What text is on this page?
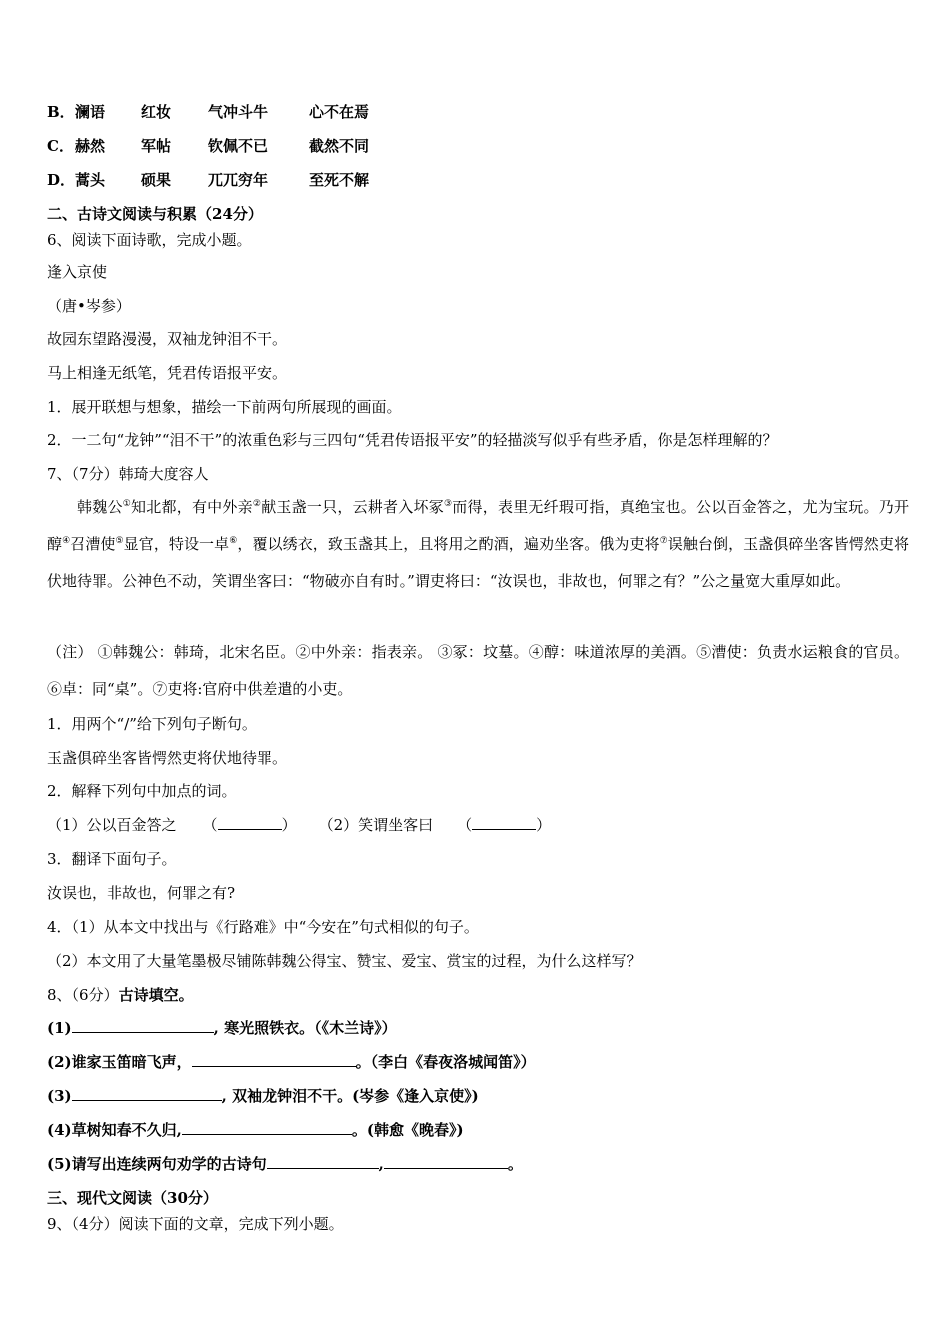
B．澜语 红妆 气冲斗牛	心不在焉
C．赫然 军帖 钦佩不已	截然不同
D．蒿头 硕果 兀兀穷年	至死不解
二、古诗文阅读与积累（24分）
6、阅读下面诗歌，完成小题。
逢入京使
（唐•岑参）
故园东望路漫漫，双袖龙钟泪不干。
马上相逢无纸笔，凭君传语报平安。
1．展开联想与想象，描绘一下前两句所展现的画面。
2．一二句“龙钟”“泪不干”的浓重色彩与三四句“凭君传语报平安”的轻描淡写似乎有些矛盾，你是怎样理解的？
7、（7分）韩琦大度容人
韩魏公①知北都，有中外亲②献玉盏一只，云耕者入坏冢③而得，表里无纤瑕可指，真绝宝也。公以百金答之，尤为宝玩。乃开醇④召漕使⑤显官，特设一卓⑥，覆以绣衣，致玉盏其上，且将用之酌酒，遍劝坐客。俄为吏将⑦误触台倒，玉盏俱碎坐客皆愕然吏将伏地待罪。公神色不动，笑谓坐客曰：“物破亦自有时。”谓吏将曰：“汝误也，非故也，何罪之有？”公之量宽大重厚如此。
（注） ①韩魏公：韩琦，北宋名臣。②中外亲：指表亲。 ③冢：坟墓。④醇：味道浓厚的美酒。⑤漕使：负责水运粮食的官员。⑥卓：同“桌”。⑦吏将:官府中供差遣的小吏。
1．用两个“/”给下列句子断句。
玉盏俱碎坐客皆愕然吏将伏地待罪。
2．解释下列句中加点的词。
（1）公以百金答之 （	） （2）笑谓坐客曰 （	）
3．翻译下面句子。
汝误也，非故也，何罪之有?
4．（1）从本文中找出与《行路难》中“今安在”句式相似的句子。
（2）本文用了大量笔墨极尽铺陈韩魏公得宝、赞宝、爱宝、赏宝的过程，为什么这样写？
8、（6分）古诗填空。
(1)	, 寒光照铁衣。（《木兰诗》）
(2)谁家玉笛暗飞声，	。（李白《春夜洛城闻笛》）
(3)	, 双袖龙钟泪不干。(岑参《逢入京使》)
(4)草树知春不久归,	。(韩愈《晚春》)
(5)请写出连续两句劝学的古诗句	,	。
三、现代文阅读（30分）
9、（4分）阅读下面的文章，完成下列小题。
